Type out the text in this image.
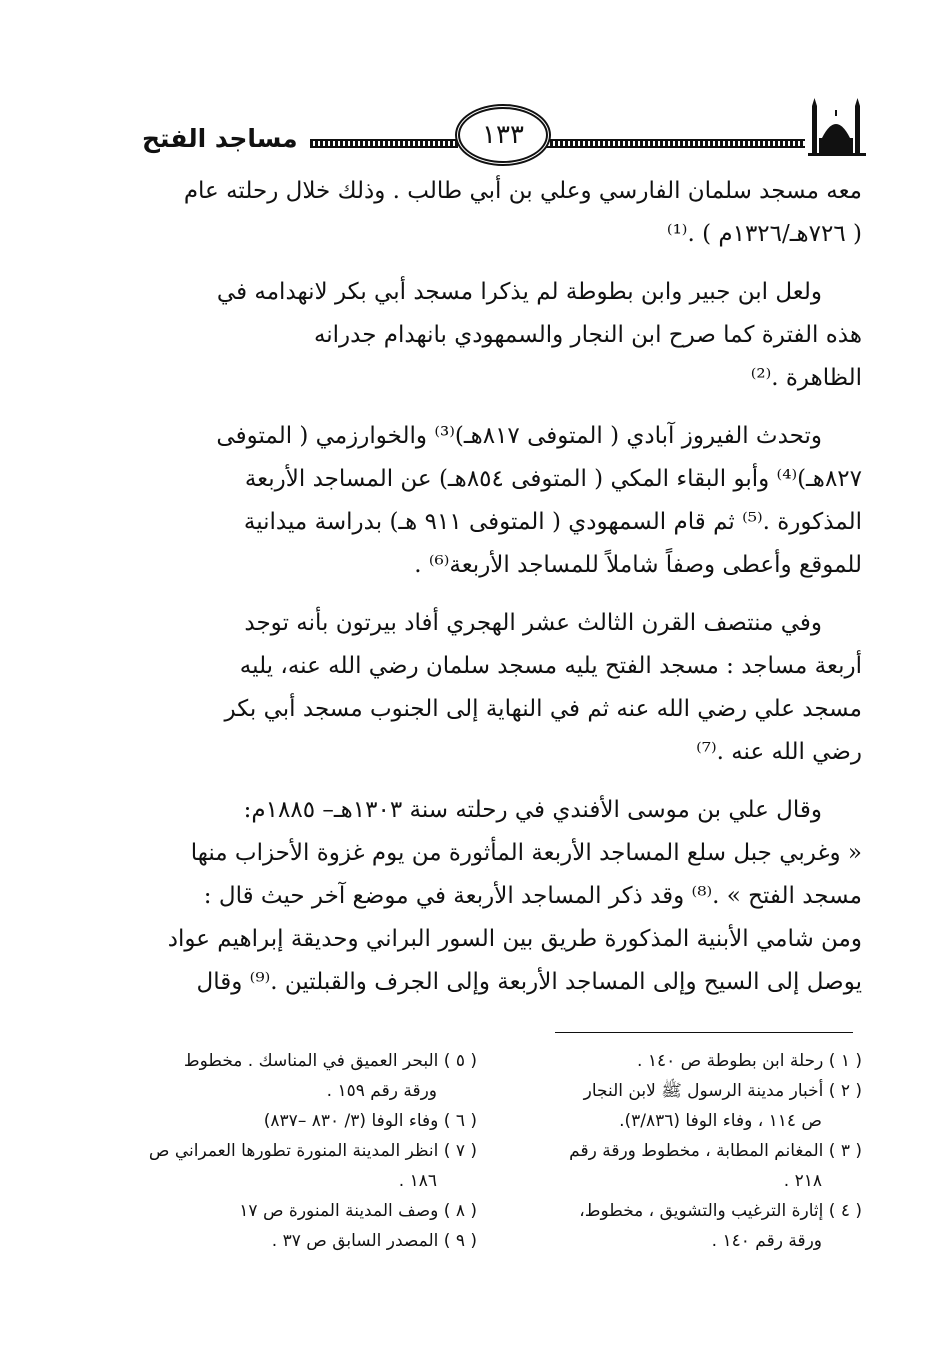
مساجد الفتح	١٣٣

معه مسجد سلمان الفارسي وعلي بن أبي طالب . وذلك خلال رحلته عام

( ٧٢٦هـ/١٣٢٦م ) .⁽¹⁾

ولعل ابن جبير وابن بطوطة لم يذكرا مسجد أبي بكر لانهدامه في

هذه الفترة كما صرح ابن النجار والسمهودي بانهدام جدرانه

الظاهرة .⁽²⁾

وتحدث الفيروز آبادي ( المتوفى ٨١٧هـ)⁽³⁾ والخوارزمي ( المتوفى

٨٢٧هـ)⁽⁴⁾ وأبو البقاء المكي ( المتوفى ٨٥٤هـ) عن المساجد الأربعة

المذكورة .⁽⁵⁾ ثم قام السمهودي ( المتوفى ٩١١ هـ) بدراسة ميدانية

للموقع وأعطى وصفاً شاملاً للمساجد الأربعة⁽⁶⁾ .

وفي منتصف القرن الثالث عشر الهجري أفاد بيرتون بأنه توجد

أربعة مساجد : مسجد الفتح يليه مسجد سلمان رضي الله عنه، يليه

مسجد علي رضي الله عنه ثم في النهاية إلى الجنوب مسجد أبي بكر

رضي الله عنه .⁽⁷⁾

وقال علي بن موسى الأفندي في رحلته سنة ١٣٠٣هـ– ١٨٨٥م:

« وغربي جبل سلع المساجد الأربعة المأثورة من يوم غزوة الأحزاب منها

مسجد الفتح » .⁽⁸⁾ وقد ذكر المساجد الأربعة في موضع آخر حيث قال :

ومن شامي الأبنية المذكورة طريق بين السور البراني وحديقة إبراهيم عواد

يوصل إلى السيح وإلى المساجد الأربعة وإلى الجرف والقبلتين .⁽⁹⁾ وقال

( ١ ) رحلة ابن بطوطة ص ١٤٠ .

( ٢ ) أخبار مدينة الرسول ﷺ لابن النجار

ص ١١٤ ، وفاء الوفا (٣/٨٣٦).

( ٣ ) المغانم المطابة ، مخطوط ورقة رقم

٢١٨ .

( ٤ ) إثارة الترغيب والتشويق ، مخطوط،

ورقة رقم ١٤٠ .

( ٥ ) البحر العميق في المناسك . مخطوط

ورقة رقم ١٥٩ .

( ٦ ) وفاء الوفا (٣/ ٨٣٠ –٨٣٧)

( ٧ ) انظر المدينة المنورة تطورها العمراني ص

١٨٦ .

( ٨ ) وصف المدينة المنورة ص ١٧

( ٩ ) المصدر السابق ص ٣٧ .
